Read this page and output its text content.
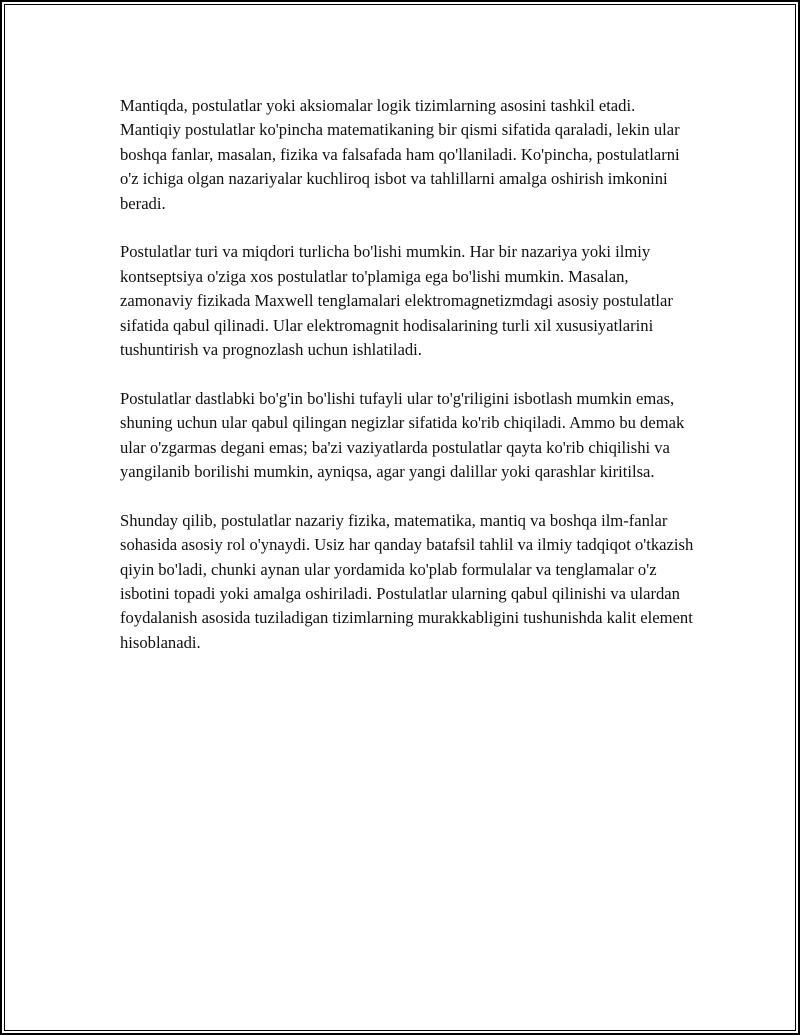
Mantiqda, postulatlar yoki aksiomalar logik tizimlarning asosini tashkil etadi. Mantiqiy postulatlar ko'pincha matematikaning bir qismi sifatida qaraladi, lekin ular boshqa fanlar, masalan, fizika va falsafada ham qo'llaniladi. Ko'pincha, postulatlarni o'z ichiga olgan nazariyalar kuchliroq isbot va tahlillarni amalga oshirish imkonini beradi.

Postulatlar turi va miqdori turlicha bo'lishi mumkin. Har bir nazariya yoki ilmiy kontseptsiya o'ziga xos postulatlar to'plamiga ega bo'lishi mumkin. Masalan, zamonaviy fizikada Maxwell tenglamalari elektromagnetizmdagi asosiy postulatlar sifatida qabul qilinadi. Ular elektromagnit hodisalarining turli xil xususiyatlarini tushuntirish va prognozlash uchun ishlatiladi.

Postulatlar dastlabki bo'g'in bo'lishi tufayli ular to'g'riligini isbotlash mumkin emas, shuning uchun ular qabul qilingan negizlar sifatida ko'rib chiqiladi. Ammo bu demak ular o'zgarmas degani emas; ba'zi vaziyatlarda postulatlar qayta ko'rib chiqilishi va yangilanib borilishi mumkin, ayniqsa, agar yangi dalillar yoki qarashlar kiritilsa.

Shunday qilib, postulatlar nazariy fizika, matematika, mantiq va boshqa ilm-fanlar sohasida asosiy rol o'ynaydi. Usiz har qanday batafsil tahlil va ilmiy tadqiqot o'tkazish qiyin bo'ladi, chunki aynan ular yordamida ko'plab formulalar va tenglamalar o'z isbotini topadi yoki amalga oshiriladi. Postulatlar ularning qabul qilinishi va ulardan foydalanish asosida tuziladigan tizimlarning murakkabligini tushunishda kalit element hisoblanadi.
